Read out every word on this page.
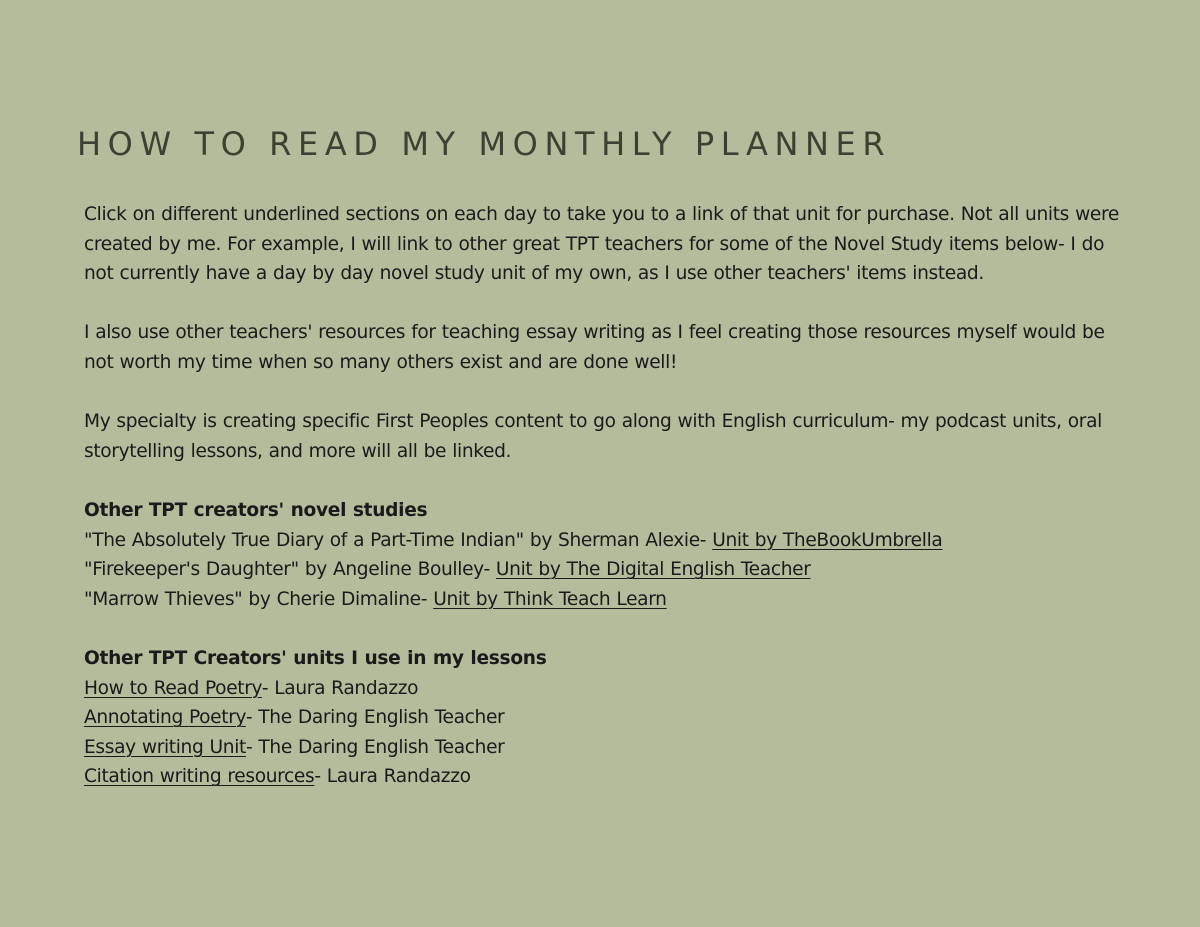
HOW TO READ MY MONTHLY PLANNER

Click on different underlined sections on each day to take you to a link of that unit for purchase. Not all units were created by me. For example, I will link to other great TPT teachers for some of the Novel Study items below- I do not currently have a day by day novel study unit of my own, as I use other teachers' items instead.

I also use other teachers' resources for teaching essay writing as I feel creating those resources myself would be not worth my time when so many others exist and are done well!

My specialty is creating specific First Peoples content to go along with English curriculum- my podcast units, oral storytelling lessons, and more will all be linked.

Other TPT creators' novel studies
"The Absolutely True Diary of a Part-Time Indian" by Sherman Alexie- Unit by TheBookUmbrella
"Firekeeper's Daughter" by Angeline Boulley- Unit by The Digital English Teacher
"Marrow Thieves" by Cherie Dimaline- Unit by Think Teach Learn
Other TPT Creators' units I use in my lessons
How to Read Poetry- Laura Randazzo
Annotating Poetry- The Daring English Teacher
Essay writing Unit- The Daring English Teacher
Citation writing resources- Laura Randazzo
